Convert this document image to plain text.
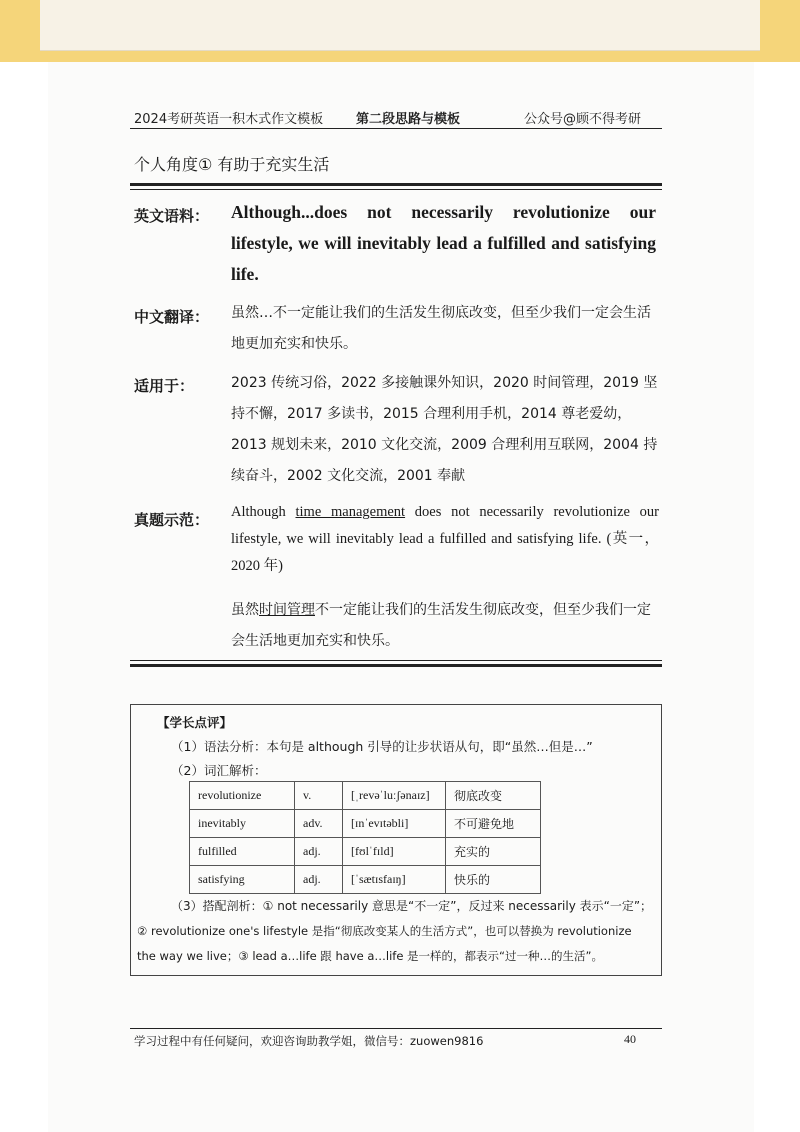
2024考研英语一积木式作文模板	第二段思路与模板	公众号@顾不得考研
个人角度① 有助于充实生活
英文语料： Although...does not necessarily revolutionize our lifestyle, we will inevitably lead a fulfilled and satisfying life.
中文翻译： 虽然…不一定能让我们的生活发生彻底改变，但至少我们一定会生活地更加充实和快乐。
适用于：	2023 传统习俗，2022 多接触课外知识，2020 时间管理，2019 坚持不懈，2017 多读书，2015 合理利用手机，2014 尊老爱幼，2013 规划未来，2010 文化交流，2009 合理利用互联网，2004 持续奋斗，2002 文化交流，2001 奉献
真题示范： Although time management does not necessarily revolutionize our lifestyle, we will inevitably lead a fulfilled and satisfying life. (英一，2020 年)
虽然时间管理不一定能让我们的生活发生彻底改变，但至少我们一定会生活地更加充实和快乐。
【学长点评】
（1）语法分析：本句是 although 引导的让步状语从句，即“虽然…但是…”
（2）词汇解析：
revolutionize	v.	[ˌrevəˈluːʃənaɪz]	彻底改变
inevitably	adv.	[ɪnˈevɪtəbli]	不可避免地
fulfilled	adj.	[fʊlˈfɪld]	充实的
satisfying	adj.	[ˈsætɪsfaɪŋ]	快乐的
（3）搭配剖析：① not necessarily 意思是“不一定”，反过来 necessarily 表示“一定”；
② revolutionize one's lifestyle 是指“彻底改变某人的生活方式”，也可以替换为 revolutionize
the way we live；③ lead a…life 跟 have a…life 是一样的，都表示“过一种…的生活”。
学习过程中有任何疑问，欢迎咨询助教学姐，微信号：zuowen9816	40
